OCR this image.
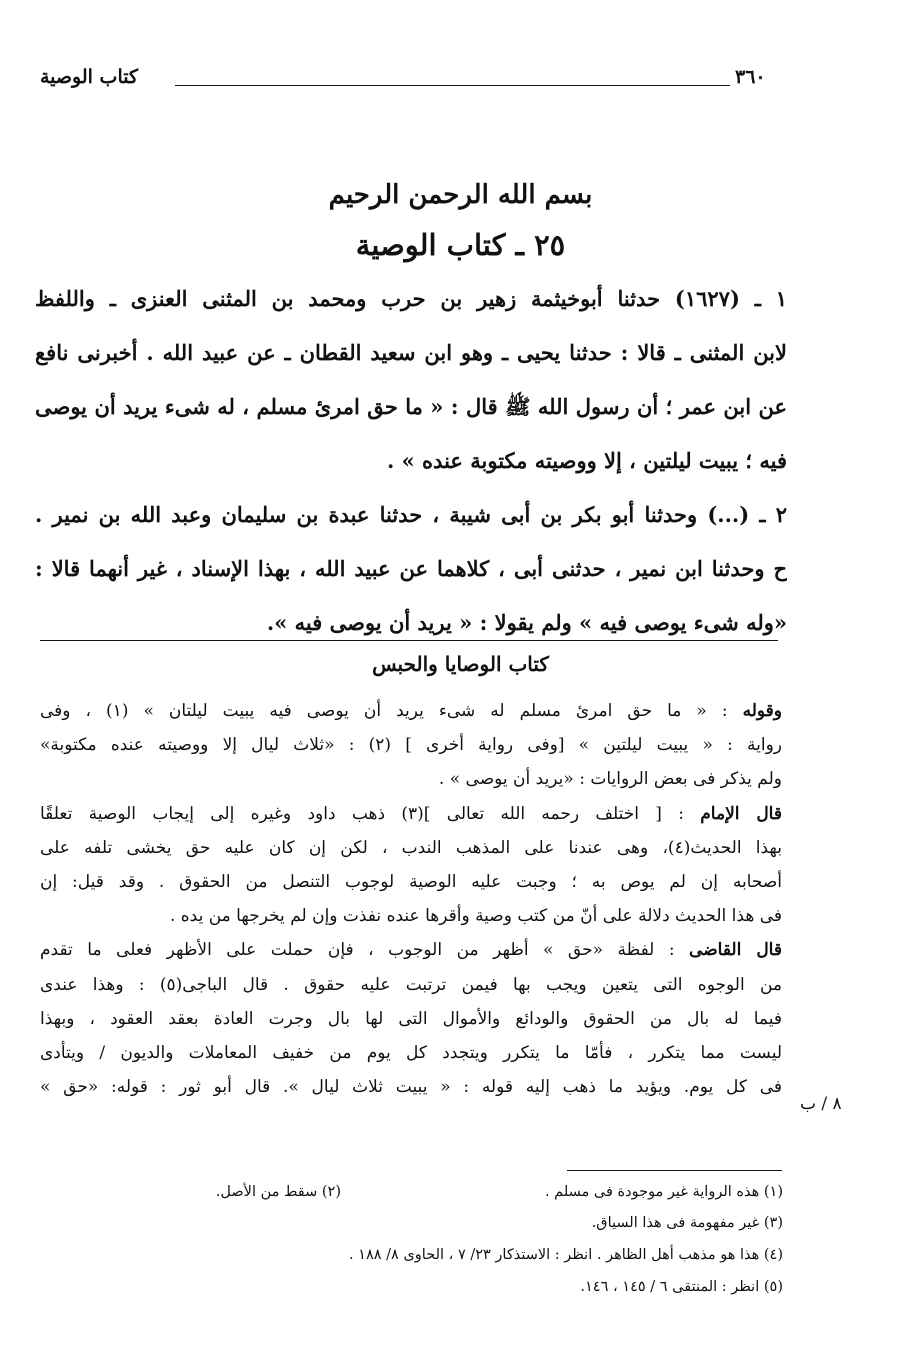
كتاب الوصية	٣٦٠
بسم الله الرحمن الرحيم
٢٥ ـ كتاب الوصية
١ ـ (١٦٢٧) حدثنا أبوخيثمة زهير بن حرب ومحمد بن المثنى العنزى ـ واللفظ
لابن المثنى ـ قالا : حدثنا يحيى ـ وهو ابن سعيد القطان ـ عن عبيد الله . أخبرنى نافع
عن ابن عمر ؛ أن رسول الله ﷺ قال : « ما حق امرئ مسلم ، له شىء يريد أن يوصى
فيه ؛ يبيت ليلتين ، إلا ووصيته مكتوبة عنده » .
٢ ـ (...) وحدثنا أبو بكر بن أبى شيبة ، حدثنا عبدة بن سليمان وعبد الله بن نمير .
ح وحدثنا ابن نمير ، حدثنى أبى ، كلاهما عن عبيد الله ، بهذا الإسناد ، غير أنهما قالا :
«وله شىء يوصى فيه » ولم يقولا : « يريد أن يوصى فيه ».
كتاب الوصايا والحبس
وقوله : « ما حق امرئ مسلم له شىء يريد أن يوصى فيه يبيت ليلتان » (١) ، وفى
رواية : « يبيت ليلتين » [وفى رواية أخرى ] (٢) : «ثلاث ليال إلا ووصيته عنده مكتوبة»
ولم يذكر فى بعض الروايات : «يريد أن يوصى » .
قال الإمام : [ اختلف رحمه الله تعالى ](٣) ذهب داود وغيره إلى إيجاب الوصية تعلقًا
بهذا الحديث(٤)، وهى عندنا على المذهب الندب ، لكن إن كان عليه حق يخشى تلفه على
أصحابه إن لم يوص به ؛ وجبت عليه الوصية لوجوب التنصل من الحقوق . وقد قيل: إن
فى هذا الحديث دلالة على أنّ من كتب وصية وأقرها عنده نفذت وإن لم يخرجها من يده .
قال القاضى : لفظة «حق » أظهر من الوجوب ، فإن حملت على الأظهر فعلى ما تقدم
من الوجوه التى يتعين ويجب بها فيمن ترتبت عليه حقوق . قال الباجى(٥) : وهذا عندى
فيما له بال من الحقوق والودائع والأموال التى لها بال وجرت العادة بعقد العقود ، وبهذا
ليست مما يتكرر ، فأمّا ما يتكرر ويتجدد كل يوم من خفيف المعاملات والديون / ويتأدى
فى كل يوم. ويؤيد ما ذهب إليه قوله : « يبيت ثلاث ليال ». قال أبو ثور : قوله: «حق »
٨ / ب
(١) هذه الرواية غير موجودة فى مسلم .
(٢) سقط من الأصل.
(٣) غير مفهومة فى هذا السياق.
(٤) هذا هو مذهب أهل الظاهر . انظر : الاستذكار ٢٣/ ٧ ، الحاوى ٨/ ١٨٨ .
(٥) انظر : المنتقى ٦ / ١٤٥ ، ١٤٦.
